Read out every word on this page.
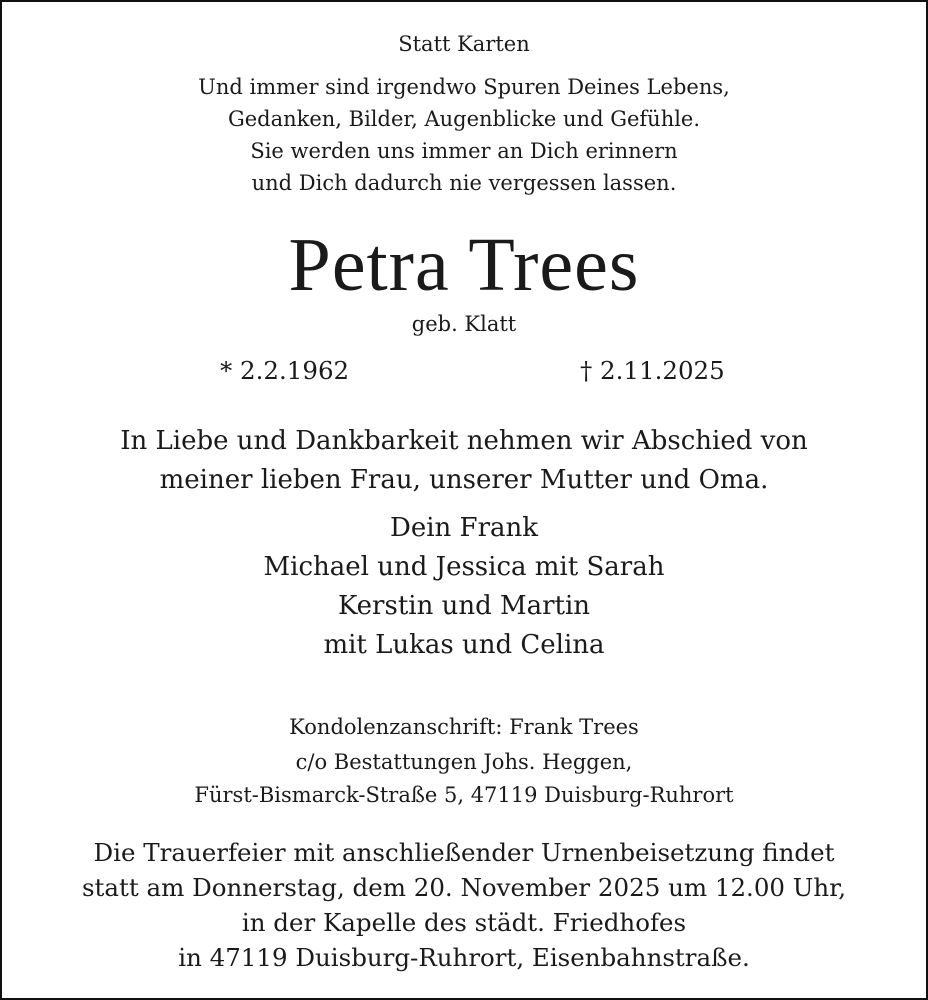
Statt Karten
Und immer sind irgendwo Spuren Deines Lebens,
Gedanken, Bilder, Augenblicke und Gefühle.
Sie werden uns immer an Dich erinnern
und Dich dadurch nie vergessen lassen.
Petra Trees
geb. Klatt
* 2.2.1962	† 2.11.2025
In Liebe und Dankbarkeit nehmen wir Abschied von
meiner lieben Frau, unserer Mutter und Oma.
Dein Frank
Michael und Jessica mit Sarah
Kerstin und Martin
mit Lukas und Celina
Kondolenzanschrift: Frank Trees
c/o Bestattungen Johs. Heggen,
Fürst-Bismarck-Straße 5, 47119 Duisburg-Ruhrort
Die Trauerfeier mit anschließender Urnenbeisetzung findet
statt am Donnerstag, dem 20. November 2025 um 12.00 Uhr,
in der Kapelle des städt. Friedhofes
in 47119 Duisburg-Ruhrort, Eisenbahnstraße.
